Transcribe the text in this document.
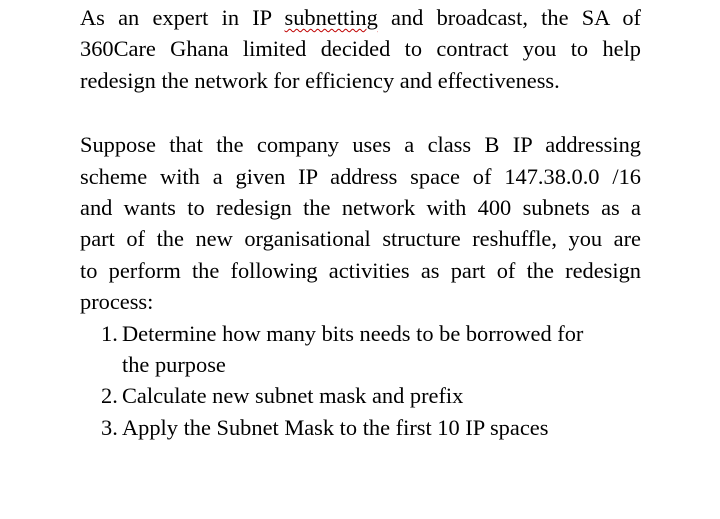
As an expert in IP subnetting and broadcast, the SA of
360Care Ghana limited decided to contract you to help
redesign the network for efficiency and effectiveness.

Suppose that the company uses a class B IP addressing
scheme with a given IP address space of 147.38.0.0 /16
and wants to redesign the network with 400 subnets as a
part of the new organisational structure reshuffle, you are
to perform the following activities as part of the redesign
process:

1. Determine how many bits needs to be borrowed for
the purpose
2. Calculate new subnet mask and prefix
3. Apply the Subnet Mask to the first 10 IP spaces
